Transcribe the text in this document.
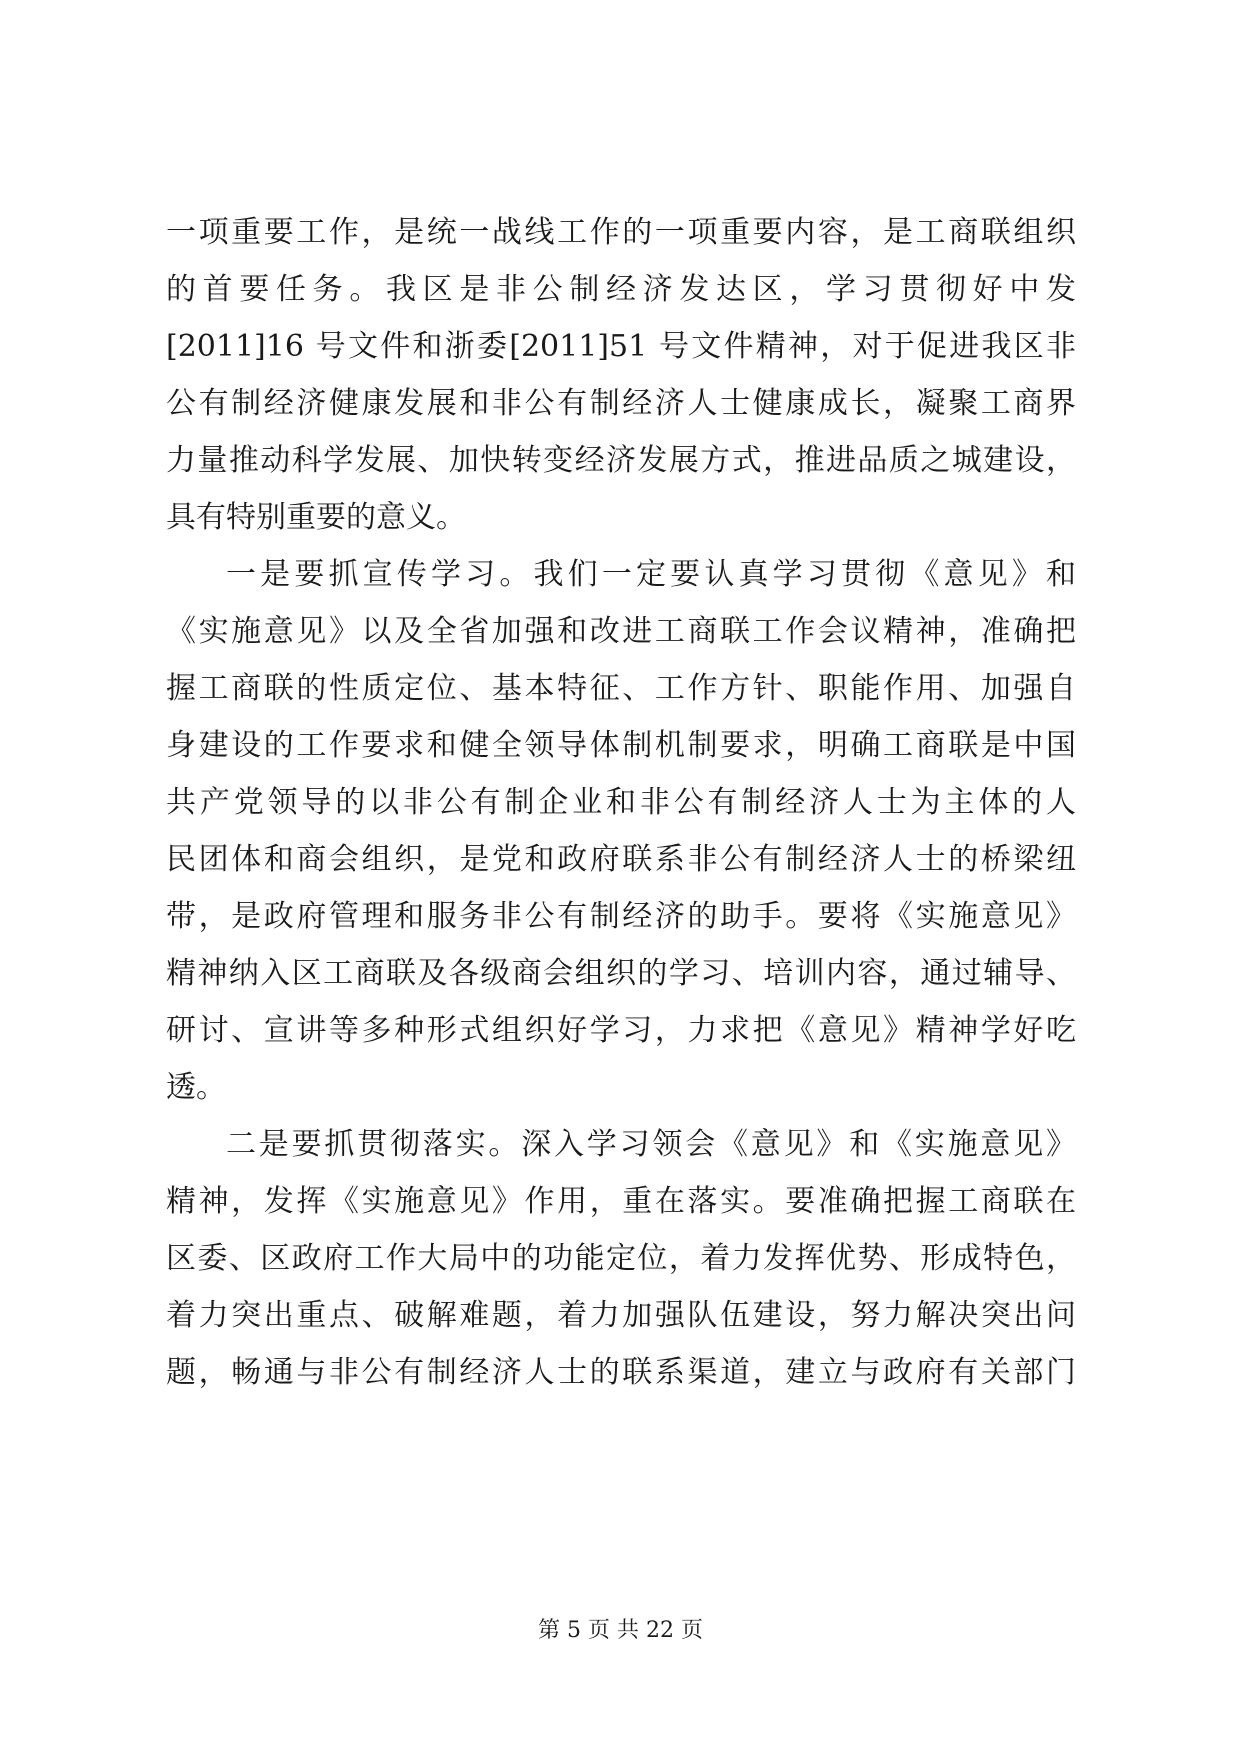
一项重要工作，是统一战线工作的一项重要内容，是工商联组织
的首要任务。我区是非公制经济发达区，学习贯彻好中发
[2011]16 号文件和浙委[2011]51 号文件精神，对于促进我区非
公有制经济健康发展和非公有制经济人士健康成长，凝聚工商界
力量推动科学发展、加快转变经济发展方式，推进品质之城建设，
具有特别重要的意义。
一是要抓宣传学习。我们一定要认真学习贯彻《意见》和
《实施意见》以及全省加强和改进工商联工作会议精神，准确把
握工商联的性质定位、基本特征、工作方针、职能作用、加强自
身建设的工作要求和健全领导体制机制要求，明确工商联是中国
共产党领导的以非公有制企业和非公有制经济人士为主体的人
民团体和商会组织，是党和政府联系非公有制经济人士的桥梁纽
带，是政府管理和服务非公有制经济的助手。要将《实施意见》
精神纳入区工商联及各级商会组织的学习、培训内容，通过辅导、
研讨、宣讲等多种形式组织好学习，力求把《意见》精神学好吃
透。
二是要抓贯彻落实。深入学习领会《意见》和《实施意见》
精神，发挥《实施意见》作用，重在落实。要准确把握工商联在
区委、区政府工作大局中的功能定位，着力发挥优势、形成特色，
着力突出重点、破解难题，着力加强队伍建设，努力解决突出问
题，畅通与非公有制经济人士的联系渠道，建立与政府有关部门
第 5 页 共 22 页
